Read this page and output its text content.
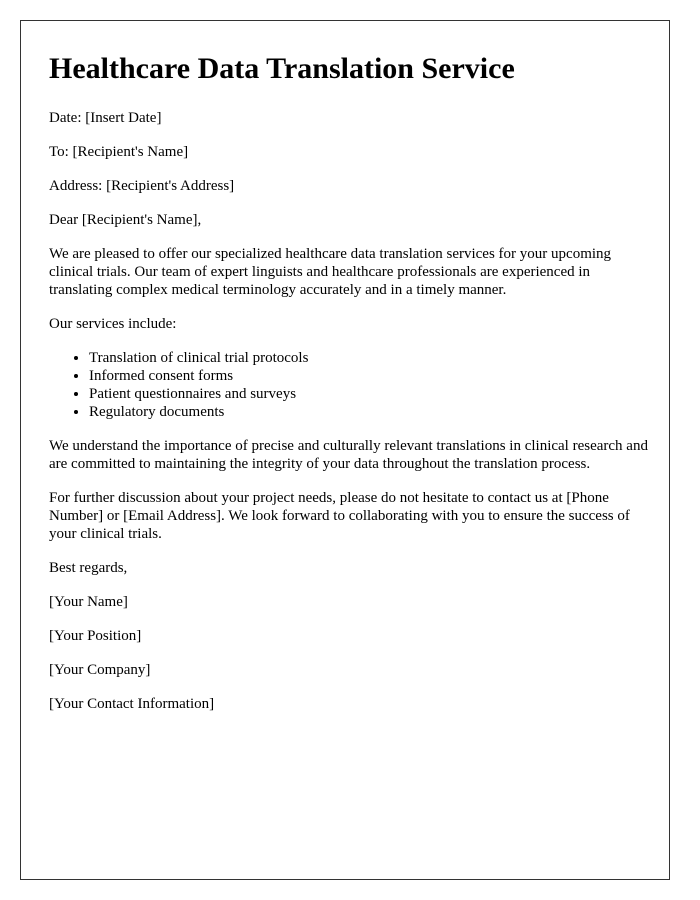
Healthcare Data Translation Service

Date: [Insert Date]

To: [Recipient's Name]

Address: [Recipient's Address]

Dear [Recipient's Name],

We are pleased to offer our specialized healthcare data translation services for your upcoming clinical trials. Our team of expert linguists and healthcare professionals are experienced in translating complex medical terminology accurately and in a timely manner.

Our services include:

• Translation of clinical trial protocols
• Informed consent forms
• Patient questionnaires and surveys
• Regulatory documents

We understand the importance of precise and culturally relevant translations in clinical research and are committed to maintaining the integrity of your data throughout the translation process.

For further discussion about your project needs, please do not hesitate to contact us at [Phone Number] or [Email Address]. We look forward to collaborating with you to ensure the success of your clinical trials.

Best regards,

[Your Name]

[Your Position]

[Your Company]

[Your Contact Information]
